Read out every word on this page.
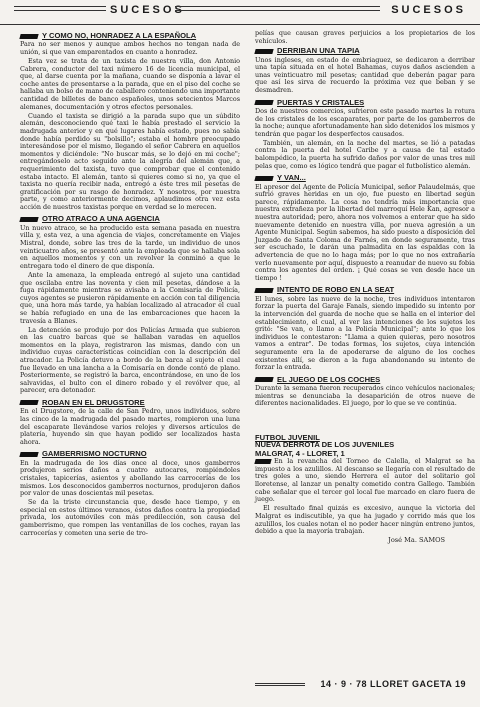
SUCESOS	SUCESOS
Y COMO NO, HONRADEZ A LA ESPAÑOLA

Para no ser menos y aunque ambos hechos no tengan nada de unión, si que van emparentados en cuanto a honradez.

Esta vez se trata de un taxista de nuestra villa, don Antonio Cabrera, conductor del taxi número 16 de licencia municipal, el que, al darse cuenta por la mañana, cuando se disponía a lavar el coche antes de presentarse a la parada, que en el piso del coche se hallaba un bolso de mano de caballero conteniendo una importante cantidad de billetes de banco españoles, unos setecientos Marcos alemanes, documentación y otros efectos personales.

Cuando el taxista se dirigió a la parada supo que un súbdito alemán, desconociendo qué taxi le había prestado el servicio la madrugada anterior y en qué lugares había estado, pues no sabía donde había perdido su "bolsillo"; estaba el hombre preocupado interesándose por el mismo, llegando el señor Cabrera en aquellos momentos y diciéndole: "No buscar más, se lo dejó en mi coche"; entregándoselo acto seguido ante la alegría del alemán que, a requerimiento del taxista, tuvo que comprobar que el contenido estaba intacto. El alemán, tanto si quieres como si no, ya que el taxista no quería recibir nada, entregó a éste tres mil pesetas de gratificación por su rasgo de honradez. Y nosotros, por nuestra parte, y como anteriormente decimos, aplaudimos otra vez esta acción de nuestros taxistas porque en verdad se lo merecen.

OTRO ATRACO A UNA AGENCIA

Un nuevo atraco, se ha producido esta semana pasada en nuestra villa y, esta vez, a una agencia de viajes, concretamente en Viajes Mistral, donde, sobre las tres de la tarde, un individuo de unos veinticuatro años, se presentó ante la empleada que se hallaba sola en aquellos momentos y con un revolver la conminó a que le entregara todo el dinero de que disponía.

Ante la amenaza, la empleada entregó al sujeto una cantidad que oscilaba entre las noventa y cien mil pesetas, dándose a la fuga rápidamente mientras se avisaba a la Comisaría de Policía, cuyos agentes se pusieron rápidamente en acción con tal diligencia que, una hora más tarde, ya habían localizado al atracador el cual se había refugiado en una de las embarcaciones que hacen la travesía a Blanes.

La detención se produjo por dos Policías Armada que subieron en las cuatro barcas que se hallaban varadas en aquellos momentos en la playa, registraron las mismas, dando con un individuo cuyas características coincidían con la descripción del atracador. La Policía detuvo a bordo de la barca al sujeto el cual fue llevado en una lancha a la Comisaría en donde contó de plano. Posteriormente, se registró la barca, encontrándose, en uno de los salvavidas, el bulto con el dinero robado y el revólver que, al parecer, era detonador.

ROBAN EN EL DRUGSTORE

En el Drugstore, de la calle de San Pedro, unos individuos, sobre las cinco de la madrugada del pasado martes, rompieron una luna del escaparate llevándose varios relojes y diversos artículos de platería, huyendo sin que hayan podido ser localizados hasta ahora.

GAMBERRISMO NOCTURNO

En la madrugada de los días once al doce, unos gamberros produjeron serios daños a cuatro autocares, rompiéndoles cristales, tapicerías, asientos y abollando las carrocerías de los mismos. Los desconocidos gamberros nocturnos, produjeron daños por valor de unas doscientas mil pesetas.

Se da la triste circunstancia que, desde hace tiempo, y en especial en estos últimos veranos, éstos daños contra la propiedad privada, los automóviles con más predilección, son causa del gamberrismo, que rompen las ventanillas de los coches, rayan las carrocerías y cometen una serie de tro-

pelías que causan graves perjuicios a los propietarios de los vehículos.

DERRIBAN UNA TAPIA

Unos ingleses, en estado de embriaguez, se dedicaron a derribar una tapia situada en el hotel Bahamas, cuyos daños ascienden a unas veinticuatro mil pesetas; cantidad que deberán pagar para que así les sirva de recuerdo la próxima vez que beban y se desmadren.

PUERTAS Y CRISTALES

Dos de nuestros comercios, sufrieron este pasado martes la rotura de los cristales de los escaparates, por parte de los gamberros de la noche; aunque afortunadamente han sido detenidos los mismos y tendrán que pagar los desperfectos causados.

También, un alemán, en la noche del martes, se lió a patadas contra la puerta del hotel Caribe y a causa de tal estado balompédico, la puerta ha sufrido daños por valor de unas tres mil pelas que, como es lógico tendrá que pagar el futbolístico alemán.

Y VAN...

El apresor del Agente de Policía Municipal, señor Palaudelmás, que sufrió graves heridas en un ojo, fue puesto en libertad según parece, rápidamente. La cosa no tendría más importancia que nuestra extrañeza por la libertad del marroquí Hele Kan, agresor a nuestra autoridad; pero, ahora nos volvemos a enterar que ha sido nuevamente detenido en nuestra villa, por nueva agresión a un Agente Municipal. Según sabemos, ha sido puesto a disposición del Juzgado de Santa Coloma de Farnés, en donde seguramente, tras ser escuchado, le darán una palmadita en las espaldas con la advertencia de que no lo haga más; por lo que no nos extrañaría verlo nuevamente por aquí, dispuesto a reanudar de nuevo su fobia contra los agentes del orden. ¡ Qué cosas se ven desde hace un tiempo !

INTENTO DE ROBO EN LA SEAT

El lunes, sobre las nueve de la noche, tres individuos intentaron forzar la puerta del Garaje Fanals, siendo impedido su intento por la intervención del guarda de noche que se halla en el interior del establecimiento, el cual, al ver las intenciones de los sujetos les gritó: "Se van, o llamo a la Policía Municipal"; ante lo que los individuos le contestaron: "Llama a quien quieras, pero nosotros vamos a entrar". De todas formas, los sujetos, cuya intención seguramente era la de apoderarse de alguno de los coches existentes allí, se dieron a la fuga abandonando su intento de forzar la entrada.

EL JUEGO DE LOS COCHES

Durante la semana fueron recuperados cinco vehículos nacionales; mientras se denunciaba la desaparición de otros nueve de diferentes nacionalidades. El juego, por lo que se ve continúa.

FUTBOL JUVENIL
NUEVA DERROTA DE LOS JUVENILES
MALGRAT, 4 - LLORET, 1

En la revancha del Torneo de Calella, el Malgrat se ha impuesto a los azulillos. Al descanso se llegaría con el resultado de tres goles a uno, siendo Herrera el autor del solitario gol lloretense, al lanzar un penalty cometido contra Gallego. También cabe señalar que el tercer gol local fue marcado en claro fuera de juego.

El resultado final quizás es excesivo, aunque la victoria del Malgrat es indiscutible, ya que ha jugado y corrido más que los azulillos, los cuales notan el no poder hacer ningún entreno juntos, debido a que la mayoría trabajan.

José Ma. SAMOS
14 · 9 · 78 LLORET GACETA 19
